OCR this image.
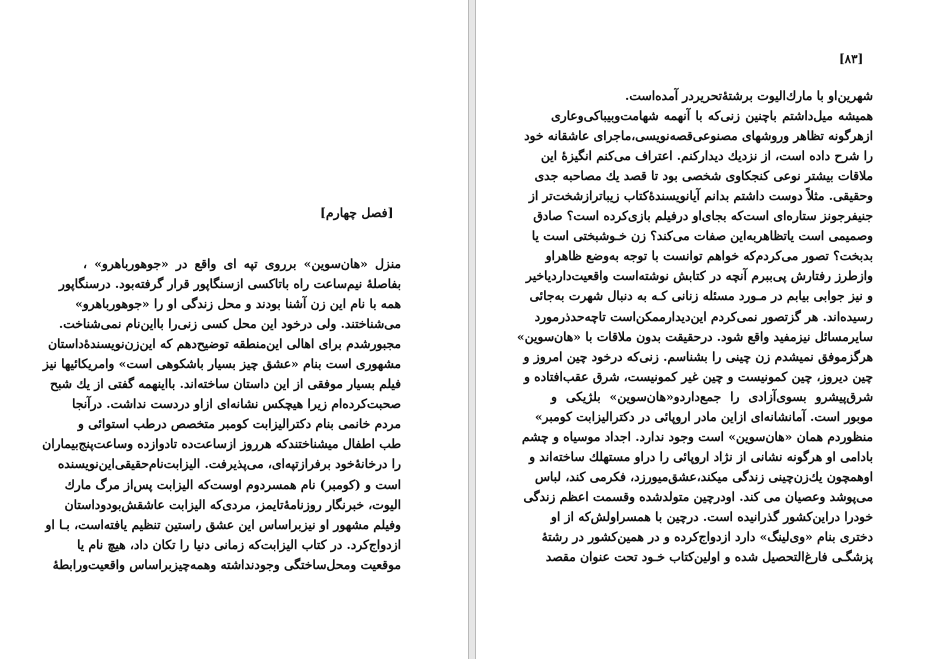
[فصل چهارم]
منزل «هان‌سوین» برروی تپه ای واقع در «جوهورباهرو» ،
بفاصلهٔ نیم‌ساعت راه باتاکسی ازسنگاپور قرار گرفته‌بود. درسنگاپور
همه با نام این زن آشنا بودند و محل زندگی او را «جوهورباهرو»
می‌شناختند. ولی درخود این محل کسی زنی‌را بااین‌نام نمی‌شناخت.
مجبورشدم برای اهالی این‌منطقه توضیح‌دهم که این‌زن‌نویسندهٔ‌داستان
مشهوری است بنام «عشق چیز بسیار باشکوهی است» وامریکائیها نیز
فیلم بسیار موفقی از این داستان ساخته‌اند. بااینهمه گفتی از یك شبح
صحبت‌کرده‌ام زیرا هیچکس نشانه‌ای ازاو دردست نداشت. درآنجا
مردم خانمی بنام دکترالیزابت کومبر متخصص درطب استوائی و
طب اطفال میشناختندکه هرروز ازساعت‌ده تادوازده وساعت‌پنج‌بیماران
را درخانهٔ‌خود برفرازتپه‌ای، می‌پذیرفت. الیزابت‌نام‌حقیقی‌این‌نویسنده
است و (کومبر) نام همسردوم اوست‌که الیزابت پس‌از مرگ مارك
الیوت، خبرنگار روزنامهٔ‌تایمز، مردی‌که الیزابت عاشقش‌بودوداستان
وفیلم مشهور او نیزبراساس این عشق راستین تنظیم یافته‌است، بـا او
ازدواج‌کرد. در کتاب الیزابت‌که زمانی دنیا را تکان داد، هیچ نام یا
موقعیت ومحل‌ساختگی وجودنداشته وهمه‌چیزبراساس واقعیت‌ورابطهٔ
[۸۳]
شهرین‌او با مارك‌الیوت برشتهٔ‌تحریردر آمده‌است.
همیشه میل‌داشتم باچنین زنی‌که با آنهمه شهامت‌وبیباکی‌وعاری
ازهرگونه تظاهر وروشهای مصنوعی‌قصه‌نویسی،ماجرای عاشقانه خود
را شرح داده است، از نزدیك دیدارکنم. اعتراف می‌کنم انگیزهٔ این
ملاقات بیشتر نوعی کنجکاوی شخصی بود تا قصد یك مصاحبه جدی
وحقیقی. مثلاً دوست داشتم بدانم آیانویسندهٔ‌کتاب زیباترازشخت‌تر از
جنیفرجونز ستاره‌ای است‌که بجای‌او درفیلم بازی‌کرده است؟ صادق
وصمیمی است یاتظاهر‌به‌این صفات می‌کند؟ زن خـوشبختی است یا
بدبخت؟ تصور می‌کردم‌که خواهم توانست با توجه به‌وضع ظاهراو
وازطرز رفتارش پی‌ببرم آنچه در کتابش نوشته‌است واقعیت‌داردیاخیر
و نیز جوابی بیابم در مـورد مسئله زنانی کـه به دنبال شهرت به‌جائی
رسیده‌اند. هر گزتصور نمی‌کردم این‌دیدارممکن‌است تاچه‌حدذرمورد
سایرمسائل نیزمفید واقع شود. درحقیقت بدون ملاقات با «هان‌سوین»
هرگزموفق نمیشدم زن چینی را بشناسم. زنی‌که درخود چین امروز و
چین دیروز، چین کمونیست و چین غیر کمونیست، شرق عقب‌افتاده و
شرق‌پیشرو بسوی‌آزادی را جمع‌داردو«هان‌سوین» بلژیکی و
موبور است. آمانشانه‌ای ازاین مادر اروپائی در دکترالیزابت کومبر»
منظوردم همان «هان‌سوین» است وجود ندارد. اجداد موسیاه و چشم
بادامی او هرگونه نشانی از نژاد اروپائی را دراو مستهلك ساخته‌اند و
اوهمچون یك‌زن‌چینی زندگی میکند،عشق‌میورزد، فکرمی کند، لباس
می‌پوشد وعصیان می کند. اودرچین متولدشده وقسمت اعظم زندگی
خودرا دراین‌کشور گذرانیده است. درچین با همسراولش‌که از او
دختری بنام «وی‌لینگ» دارد ازدواج‌کرده و در همین‌کشور در رشتهٔ
پزشگـی فارغ‌التحصیل شده و اولین‌کتاب خـود تحت عنوان مقصد
